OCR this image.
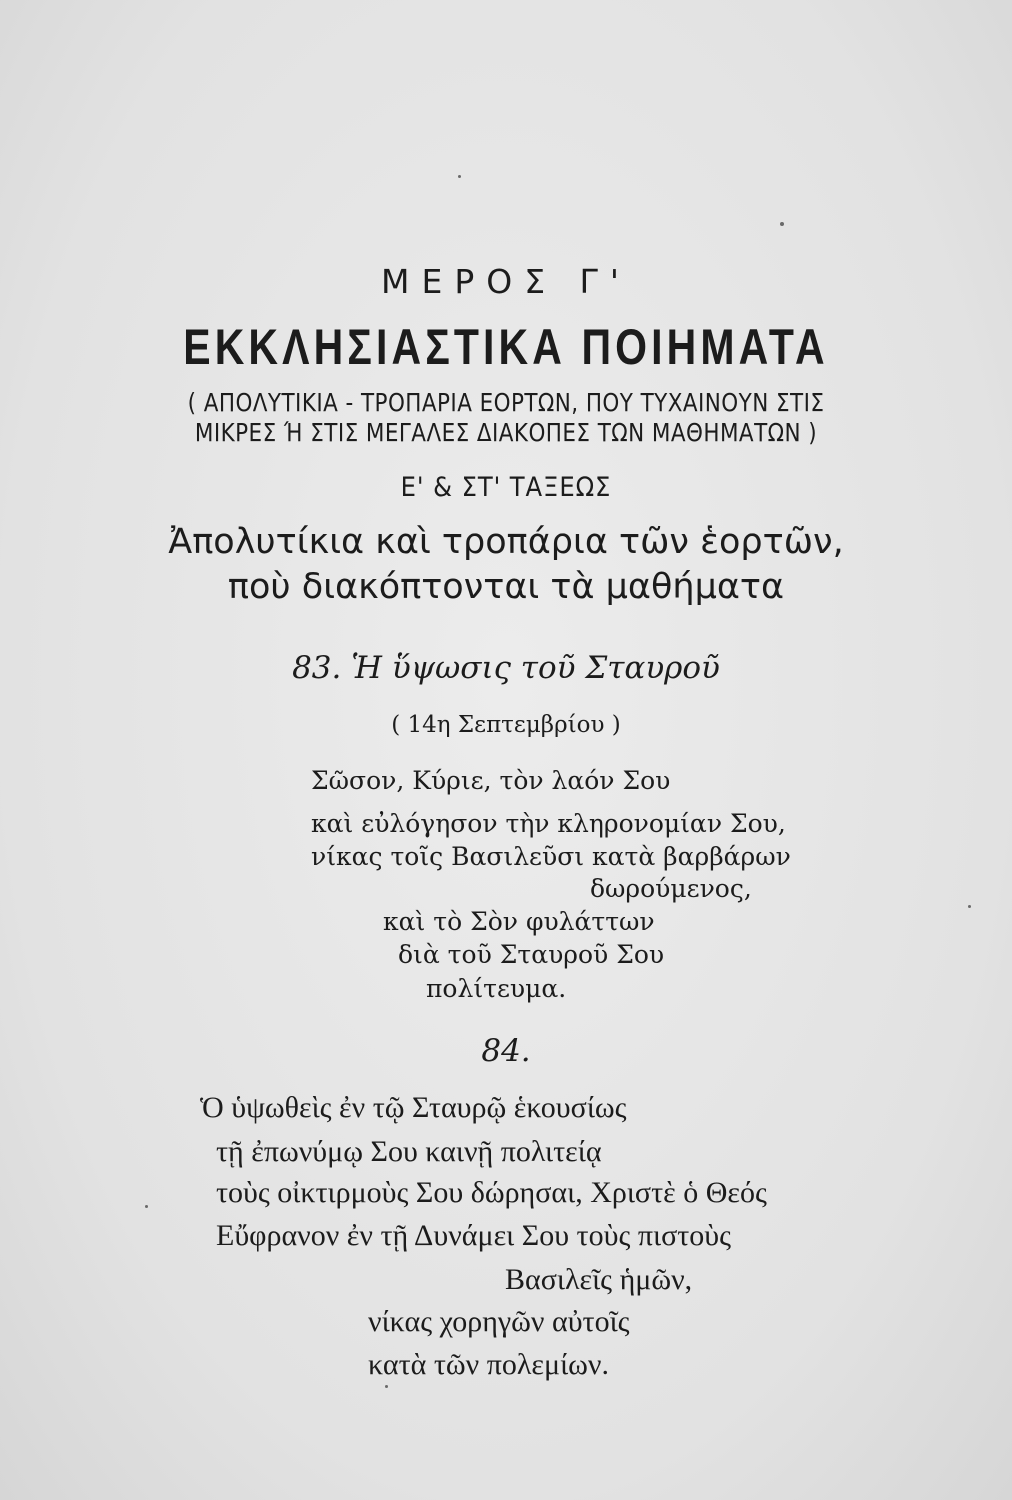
ΜΕΡΟΣ Γ'
ΕΚΚΛΗΣΙΑΣΤΙΚΑ ΠΟΙΗΜΑΤΑ
( ΑΠΟΛΥΤΙΚΙΑ - ΤΡΟΠΑΡΙΑ ΕΟΡΤΩΝ, ΠΟΥ ΤΥΧΑΙΝΟΥΝ ΣΤΙΣ
ΜΙΚΡΕΣ Ή ΣΤΙΣ ΜΕΓΑΛΕΣ ΔΙΑΚΟΠΕΣ ΤΩΝ ΜΑΘΗΜΑΤΩΝ )
Ε' & ΣΤ' ΤΑΞΕΩΣ
Ἀπολυτίκια καὶ τροπάρια τῶν ἑορτῶν,
ποὺ διακόπτονται τὰ μαθήματα
83. Ἡ ὕψωσις τοῦ Σταυροῦ
( 14η Σεπτεμβρίου )
Σῶσον, Κύριε, τὸν λαόν Σου
καὶ εὐλόγησον τὴν κληρονομίαν Σου,
νίκας τοῖς Βασιλεῦσι κατὰ βαρβάρων
δωρούμενος,
καὶ τὸ Σὸν φυλάττων
διὰ τοῦ Σταυροῦ Σου
πολίτευμα.
84.
Ὁ ὑψωθεὶς ἐν τῷ Σταυρῷ ἑκουσίως
τῇ ἐπωνύμῳ Σου καινῇ πολιτείᾳ
τοὺς οἰκτιρμοὺς Σου δώρησαι, Χριστὲ ὁ Θεός
Εὔφρανον ἐν τῇ Δυνάμει Σου τοὺς πιστοὺς
Βασιλεῖς ἡμῶν,
νίκας χορηγῶν αὐτοῖς
κατὰ τῶν πολεμίων.
